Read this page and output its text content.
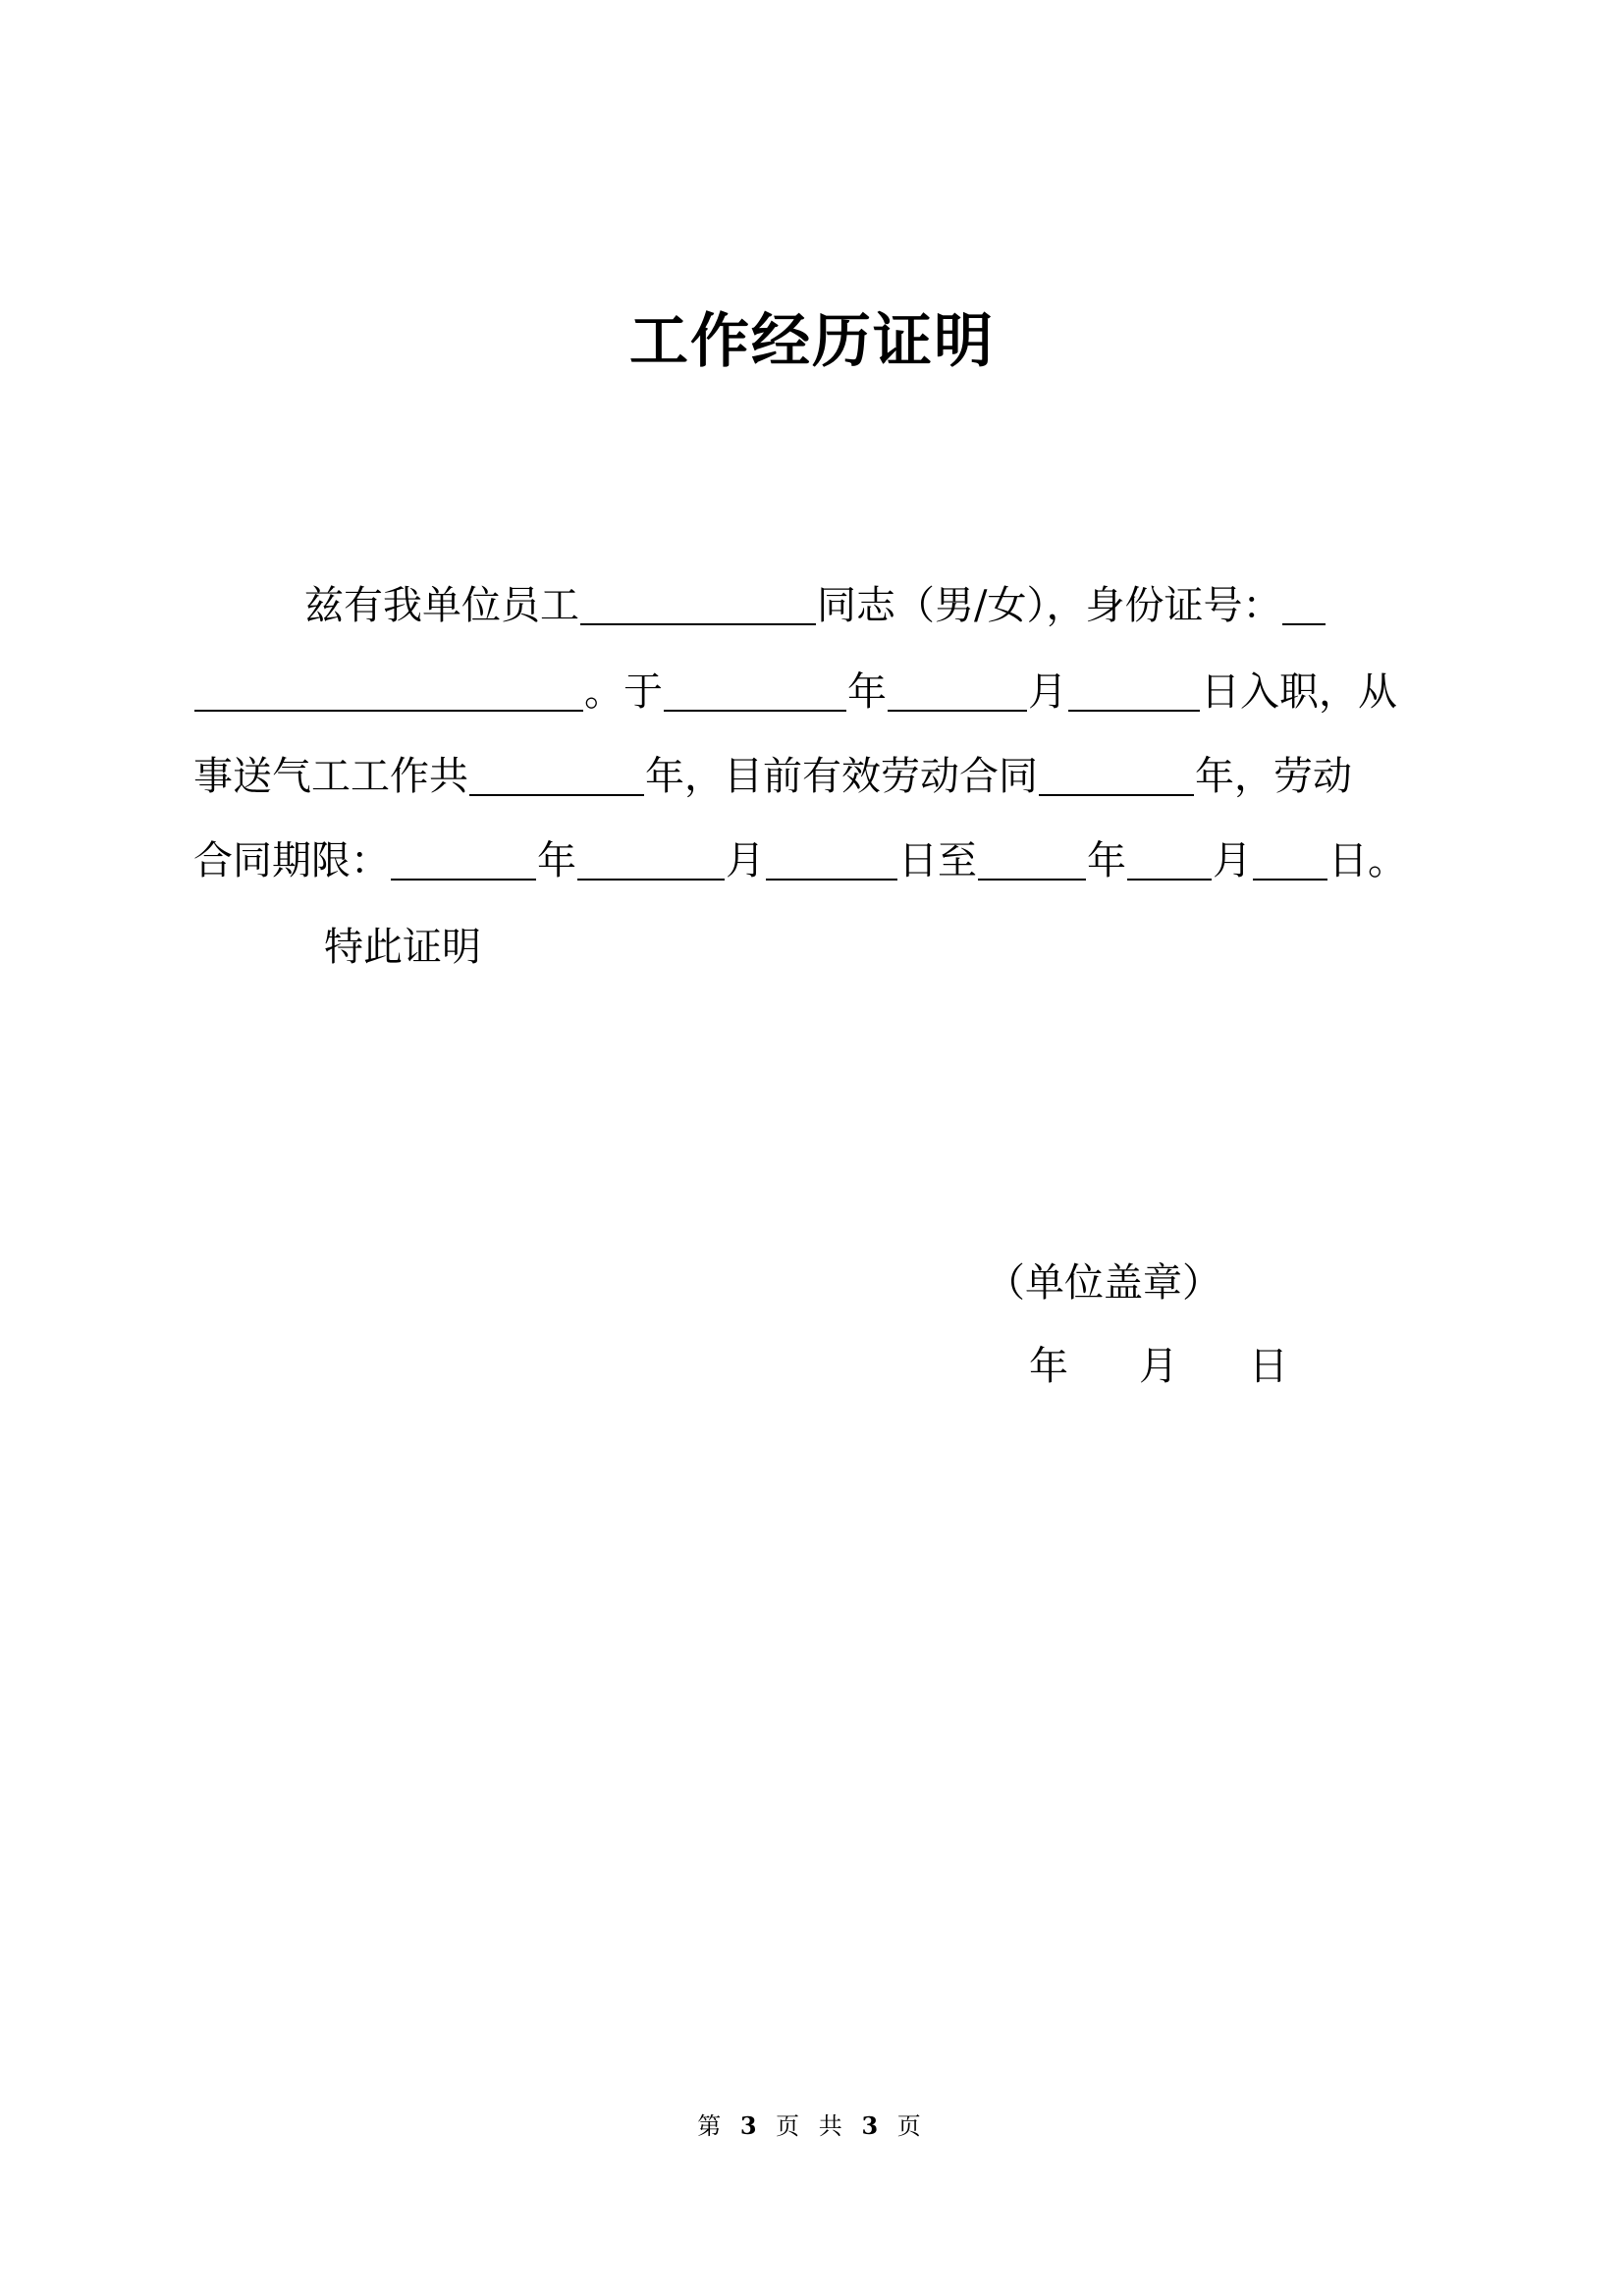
工作经历证明
兹有我单位员工	同志（男/女），身份证号：
。于	年	月	日入职，从
事送气工工作共	年，目前有效劳动合同	年，劳动
合同期限：	年	月	日至	年 月 日。
特此证明
（单位盖章）
年 月 日
第 3 页 共 3 页
